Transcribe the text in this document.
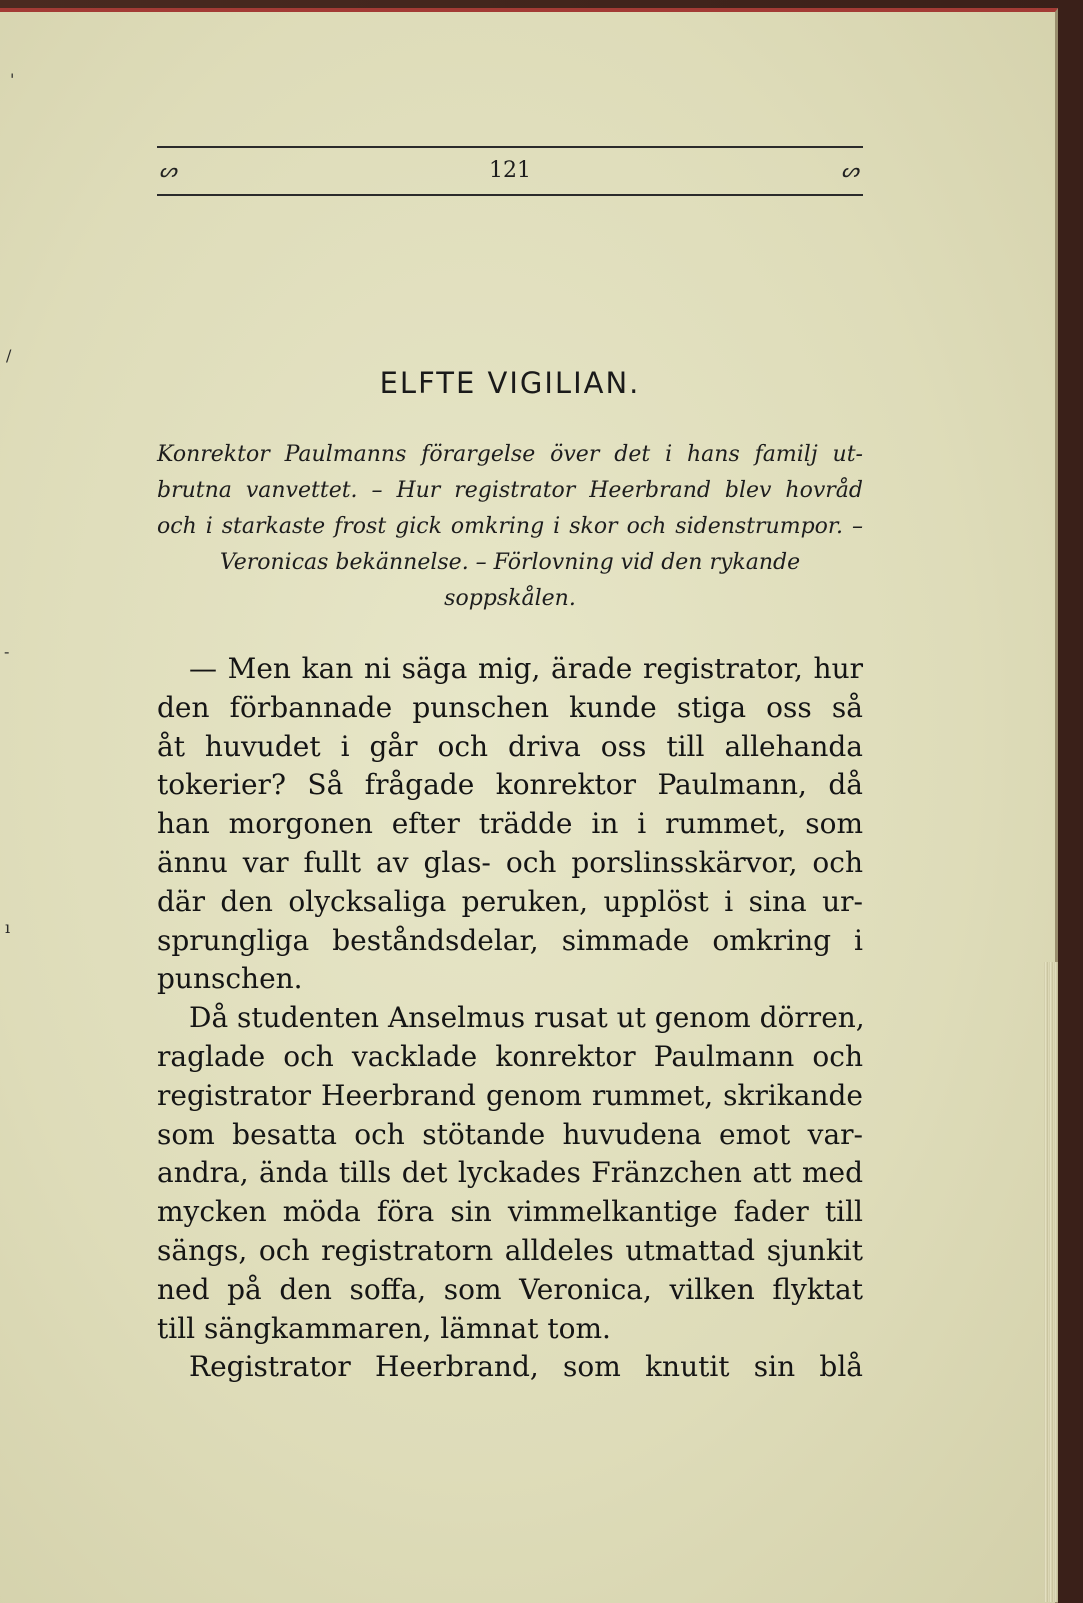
'
/
-
ı
ᔕ	121	ᔕ
ELFTE VIGILIAN.
Konrektor Paulmanns förargelse över det i hans familj ut-
brutna vanvettet. – Hur registrator Heerbrand blev hovråd
och i starkaste frost gick omkring i skor och sidenstrumpor. –
Veronicas bekännelse. – Förlovning vid den rykande
soppskålen.
— Men kan ni säga mig, ärade registrator, hur
den förbannade punschen kunde stiga oss så
åt huvudet i går och driva oss till allehanda
tokerier? Så frågade konrektor Paulmann, då
han morgonen efter trädde in i rummet, som
ännu var fullt av glas- och porslinsskärvor, och
där den olycksaliga peruken, upplöst i sina ur-
sprungliga beståndsdelar, simmade omkring i
punschen.
Då studenten Anselmus rusat ut genom dörren,
raglade och vacklade konrektor Paulmann och
registrator Heerbrand genom rummet, skrikande
som besatta och stötande huvudena emot var-
andra, ända tills det lyckades Fränzchen att med
mycken möda föra sin vimmelkantige fader till
sängs, och registratorn alldeles utmattad sjunkit
ned på den soffa, som Veronica, vilken flyktat
till sängkammaren, lämnat tom.
Registrator Heerbrand, som knutit sin blå
